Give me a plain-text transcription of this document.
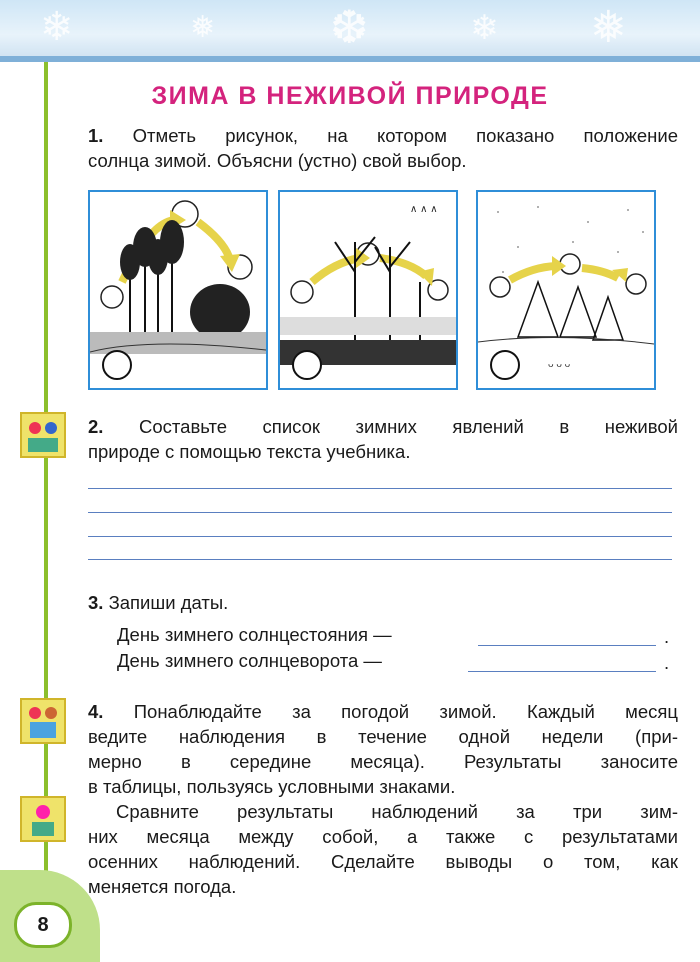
❄	❅ ❆	❄ ❅
8
ЗИМА В НЕЖИВОЙ ПРИРОДЕ
1. Отметь рисунок, на котором показано положение
солнца зимой. Объясни (устно) свой выбор.
∧ ∧ ∧
ᴗ ᴗ ᴗ
2. Составьте список зимних явлений в неживой
природе с помощью текста учебника.
3. Запиши даты.
День зимнего солнцестояния —	.
День зимнего солнцеворота —	.
4. Понаблюдайте за погодой зимой. Каждый месяц
ведите наблюдения в течение одной недели (при-
мерно в середине месяца). Результаты заносите
в таблицы, пользуясь условными знаками.
Сравните результаты наблюдений за три зим-
них месяца между собой, а также с результатами
осенних наблюдений. Сделайте выводы о том, как
меняется погода.
